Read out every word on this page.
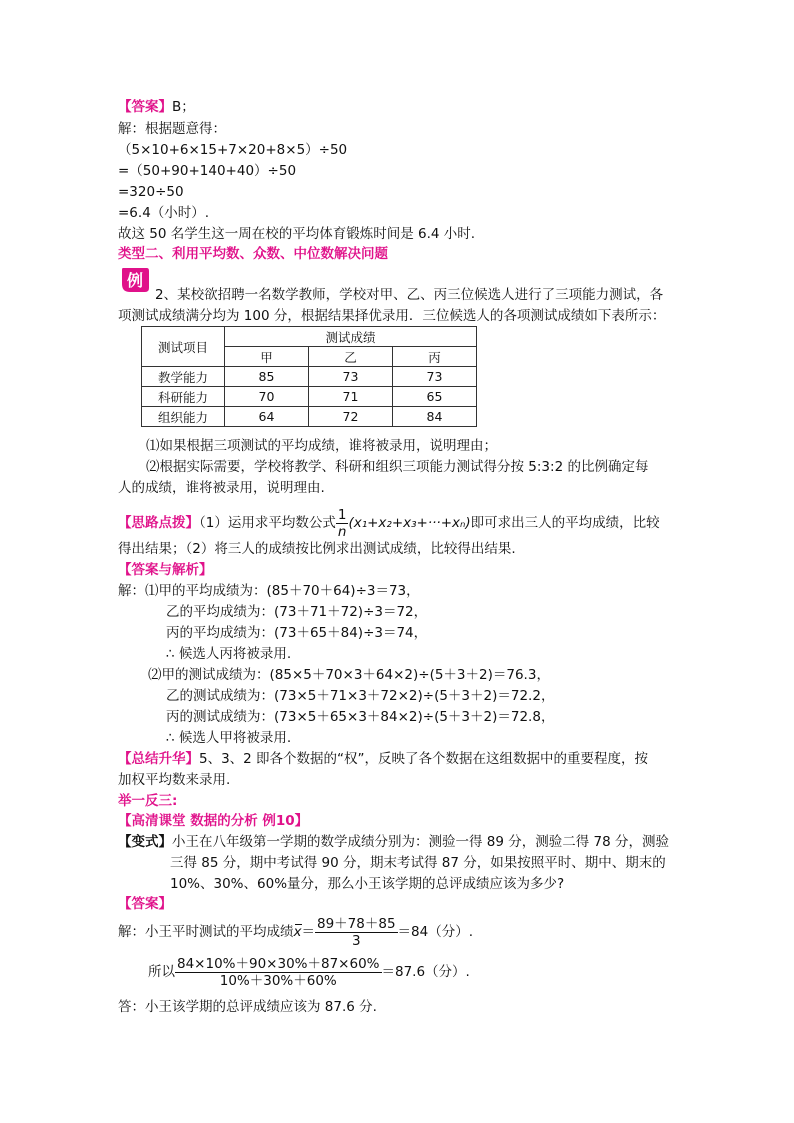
【答案】B；
解：根据题意得：
（5×10+6×15+7×20+8×5）÷50
=（50+90+140+40）÷50
=320÷50
=6.4（小时）.
故这 50 名学生这一周在校的平均体育锻炼时间是 6.4 小时.
类型二、利用平均数、众数、中位数解决问题
例
2、某校欲招聘一名数学教师，学校对甲、乙、丙三位候选人进行了三项能力测试，各
项测试成绩满分均为 100 分，根据结果择优录用．三位候选人的各项测试成绩如下表所示：
测试项目	测试成绩		
	甲	乙	丙
教学能力	85	73	73
科研能力	70	71	65
组织能力	64	72	84
⑴如果根据三项测试的平均成绩，谁将被录用，说明理由；
⑵根据实际需要，学校将教学、科研和组织三项能力测试得分按 5:3:2 的比例确定每
人的成绩，谁将被录用，说明理由.
【思路点拨】（1）运用求平均数公式 $\frac{1}{n} (x_1+x_2+x_3+\cdot\cdot\cdot+x_n)$即可求出三人的平均成绩，比较
得出结果；（2）将三人的成绩按比例求出测试成绩，比较得出结果.
【答案与解析】
解：⑴甲的平均成绩为：(85＋70＋64)÷3＝73，
乙的平均成绩为：(73＋71＋72)÷3＝72，
丙的平均成绩为：(73＋65＋84)÷3＝74，
∴ 候选人丙将被录用.
⑵甲的测试成绩为：(85×5＋70×3＋64×2)÷(5＋3＋2)＝76.3，
乙的测试成绩为：(73×5＋71×3＋72×2)÷(5＋3＋2)＝72.2，
丙的测试成绩为：(73×5＋65×3＋84×2)÷(5＋3＋2)＝72.8，
∴ 候选人甲将被录用.
【总结升华】5、3、2 即各个数据的“权”，反映了各个数据在这组数据中的重要程度，按
加权平均数来录用.
举一反三:
【高清课堂 数据的分析 例10】
【变式】小王在八年级第一学期的数学成绩分别为：测验一得 89 分，测验二得 78 分，测验
三得 85 分，期中考试得 90 分，期末考试得 87 分，如果按照平时、期中、期末的
10%、30%、60%量分，那么小王该学期的总评成绩应该为多少?
【答案】
解：小王平时测试的平均成绩$x= \frac{89+78+85}{3} =84$（分）.
所以 $\frac{84\times 10\%+90\times 30\%+87\times 60\%}{10\%+30\%+60\%} =87.6$（分）.
答：小王该学期的总评成绩应该为 87.6 分.
